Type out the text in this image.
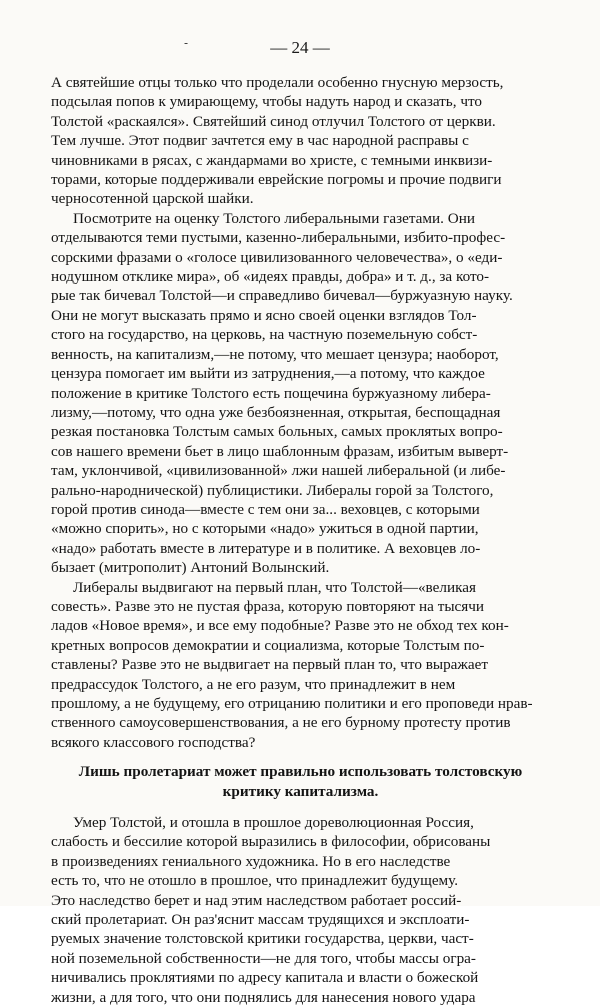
-	— 24 —
А святейшие отцы только что проделали особенно гнусную мерзость,
подсылая попов к умирающему, чтобы надуть народ и сказать, что
Толстой «раскаялся». Святейший синод отлучил Толстого от церкви.
Тем лучше. Этот подвиг зачтется ему в час народной расправы с
чиновниками в рясах, с жандармами во христе, с темными инквизи-
торами, которые поддерживали еврейские погромы и прочие подвиги
черносотенной царской шайки.
Посмотрите на оценку Толстого либеральными газетами. Они
отделываются теми пустыми, казенно-либеральными, избито-профес-
сорскими фразами о «голосе цивилизованного человечества», о «еди-
нодушном отклике мира», об «идеях правды, добра» и т. д., за кото-
рые так бичевал Толстой—и справедливо бичевал—буржуазную науку.
Они не могут высказать прямо и ясно своей оценки взглядов Тол-
стого на государство, на церковь, на частную поземельную собст-
венность, на капитализм,—не потому, что мешает цензура; наоборот,
цензура помогает им выйти из затруднения,—а потому, что каждое
положение в критике Толстого есть пощечина буржуазному либера-
лизму,—потому, что одна уже безбоязненная, открытая, беспощадная
резкая постановка Толстым самых больных, самых проклятых вопро-
сов нашего времени бьет в лицо шаблонным фразам, избитым выверт-
там, уклончивой, «цивилизованной» лжи нашей либеральной (и либе-
рально-народнической) публицистики. Либералы горой за Толстого,
горой против синода—вместе с тем они за... веховцев, с которыми
«можно спорить», но с которыми «надо» ужиться в одной партии,
«надо» работать вместе в литературе и в политике. А веховцев ло-
бызает (митрополит) Антоний Волынский.
Либералы выдвигают на первый план, что Толстой—«великая
совесть». Разве это не пустая фраза, которую повторяют на тысячи
ладов «Новое время», и все ему подобные? Разве это не обход тех кон-
кретных вопросов демократии и социализма, которые Толстым по-
ставлены? Разве это не выдвигает на первый план то, что выражает
предрассудок Толстого, а не его разум, что принадлежит в нем
прошлому, а не будущему, его отрицанию политики и его проповеди нрав-
ственного самоусовершенствования, а не его бурному протесту против
всякого классового господства?
Лишь пролетариат может правильно использовать толстовскую
критику капитализма.
Умер Толстой, и отошла в прошлое дореволюционная Россия,
слабость и бессилие которой выразились в философии, обрисованы
в произведениях гениального художника. Но в его наследстве
есть то, что не отошло в прошлое, что принадлежит будущему.
Это наследство берет и над этим наследством работает россий-
ский пролетариат. Он раз'яснит массам трудящихся и эксплоати-
руемых значение толстовской критики государства, церкви, част-
ной поземельной собственности—не для того, чтобы массы огра-
ничивались проклятиями по адресу капитала и власти о божеской
жизни, а для того, что они поднялись для нанесения нового удара
